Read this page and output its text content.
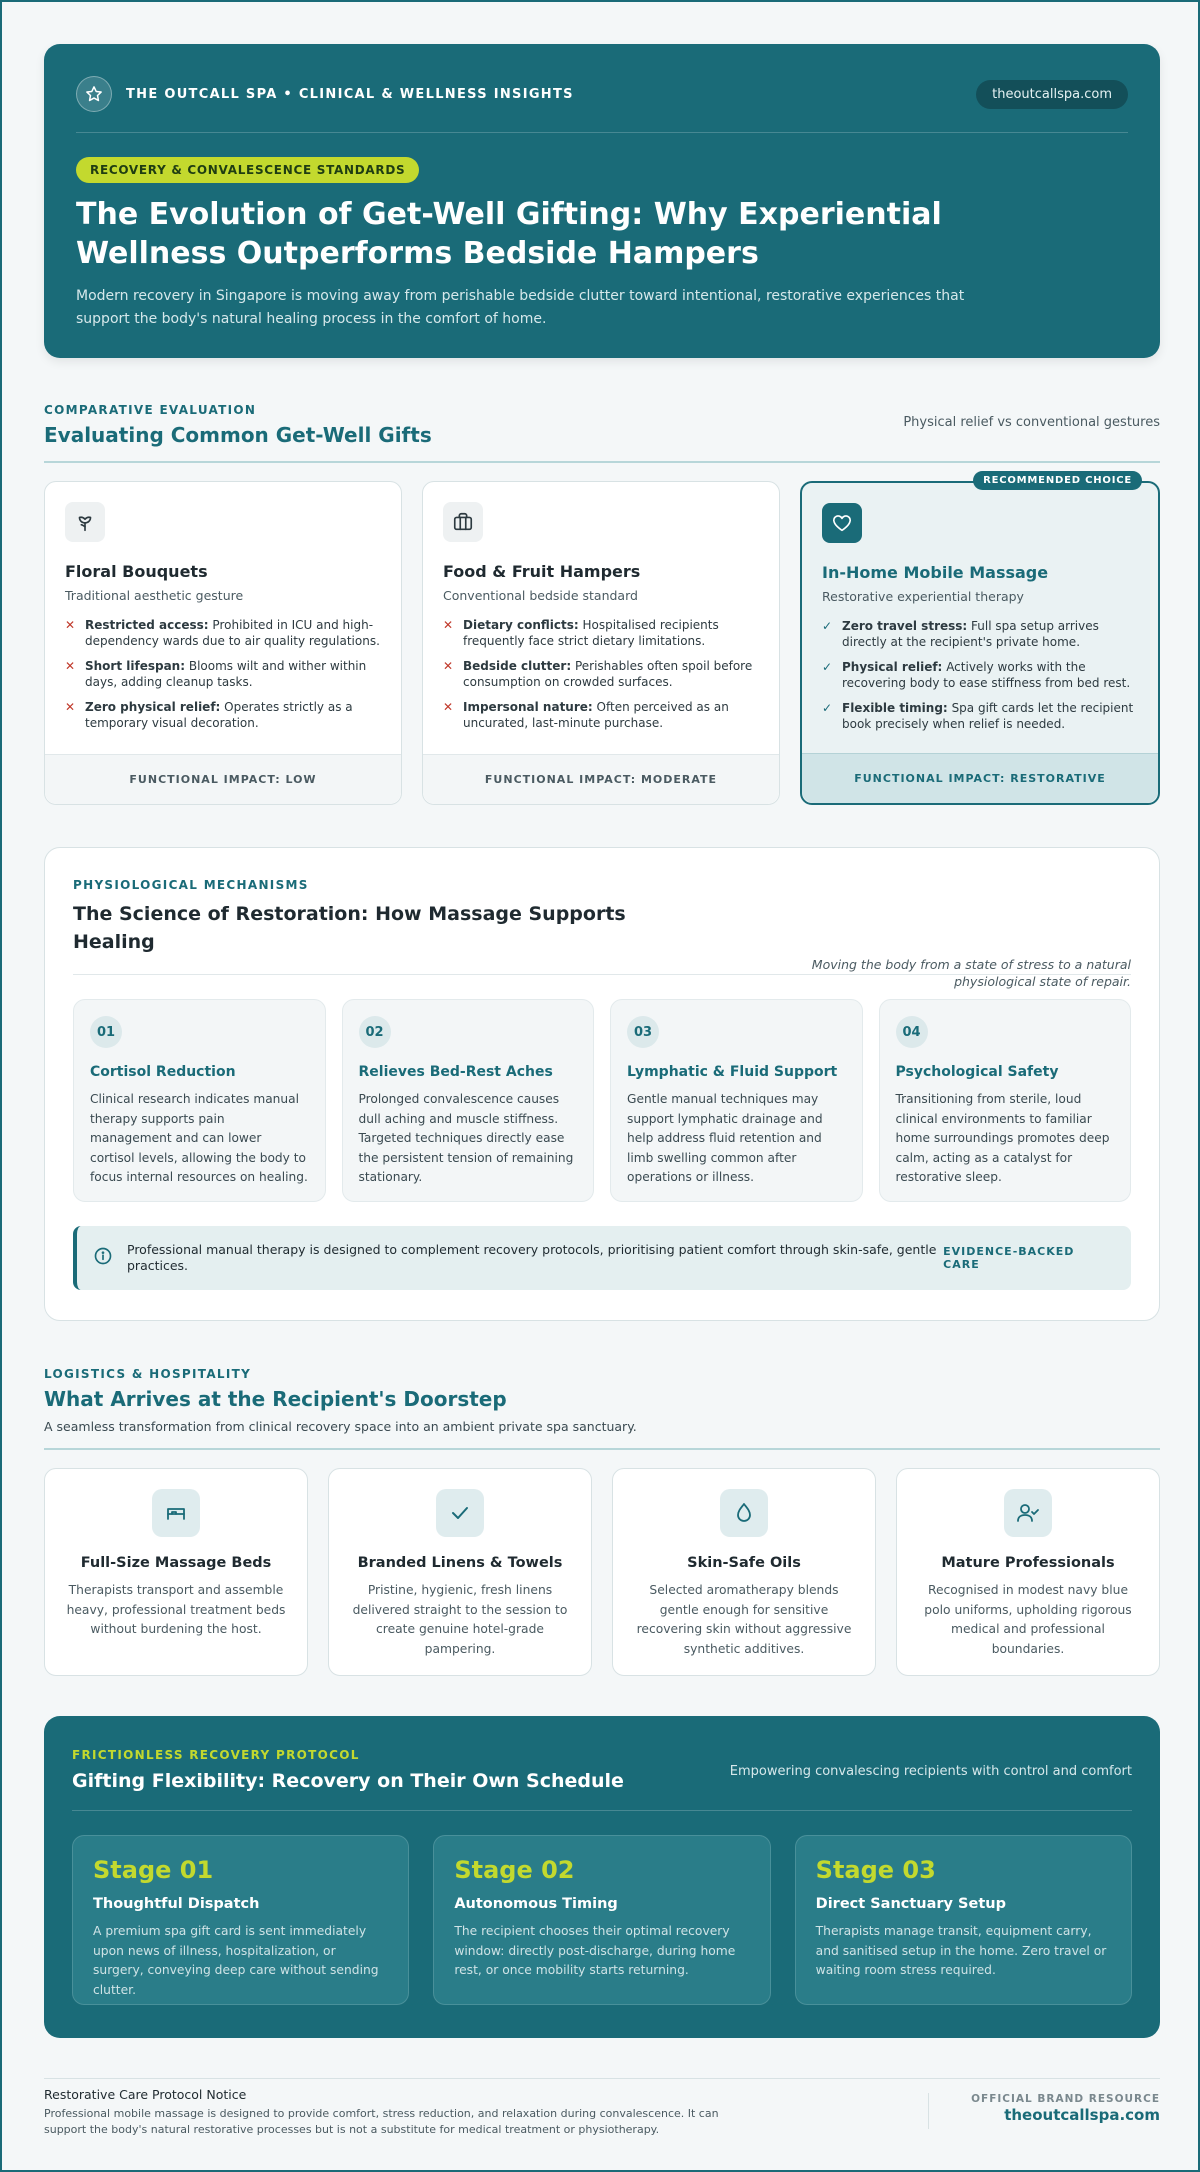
THE OUTCALL SPA • CLINICAL & WELLNESS INSIGHTS	theoutcallspa.com
RECOVERY & CONVALESCENCE STANDARDS
The Evolution of Get-Well Gifting: Why Experiential Wellness Outperforms Bedside Hampers

Modern recovery in Singapore is moving away from perishable bedside clutter toward intentional, restorative experiences that support the body's natural healing process in the comfort of home.

COMPARATIVE EVALUATION
Evaluating Common Get-Well Gifts
Physical relief vs conventional gestures
Floral Bouquets
Traditional aesthetic gesture
✕ Restricted access: Prohibited in ICU and high-dependency wards due to air quality regulations.
✕ Short lifespan: Blooms wilt and wither within days, adding cleanup tasks.
✕ Zero physical relief: Operates strictly as a temporary visual decoration.
FUNCTIONAL IMPACT: LOW
Food & Fruit Hampers
Conventional bedside standard
✕ Dietary conflicts: Hospitalised recipients frequently face strict dietary limitations.
✕ Bedside clutter: Perishables often spoil before consumption on crowded surfaces.
✕ Impersonal nature: Often perceived as an uncurated, last-minute purchase.
FUNCTIONAL IMPACT: MODERATE
RECOMMENDED CHOICE
In-Home Mobile Massage
Restorative experiential therapy
✓ Zero travel stress: Full spa setup arrives directly at the recipient's private home.
✓ Physical relief: Actively works with the recovering body to ease stiffness from bed rest.
✓ Flexible timing: Spa gift cards let the recipient book precisely when relief is needed.
FUNCTIONAL IMPACT: RESTORATIVE
PHYSIOLOGICAL MECHANISMS
The Science of Restoration: How Massage Supports Healing
Moving the body from a state of stress to a natural physiological state of repair.
01
Cortisol Reduction

Clinical research indicates manual therapy supports pain management and can lower cortisol levels, allowing the body to focus internal resources on healing.

02
Relieves Bed-Rest Aches

Prolonged convalescence causes dull aching and muscle stiffness. Targeted techniques directly ease the persistent tension of remaining stationary.

03
Lymphatic & Fluid Support

Gentle manual techniques may support lymphatic drainage and help address fluid retention and limb swelling common after operations or illness.

04
Psychological Safety

Transitioning from sterile, loud clinical environments to familiar home surroundings promotes deep calm, acting as a catalyst for restorative sleep.

Professional manual therapy is designed to complement recovery protocols, prioritising patient comfort through skin-safe, gentle practices.
EVIDENCE-BACKED CARE
LOGISTICS & HOSPITALITY
What Arrives at the Recipient's Doorstep

A seamless transformation from clinical recovery space into an ambient private spa sanctuary.

Full-Size Massage Beds

Therapists transport and assemble heavy, professional treatment beds without burdening the host.

Branded Linens & Towels

Pristine, hygienic, fresh linens delivered straight to the session to create genuine hotel-grade pampering.

Skin-Safe Oils

Selected aromatherapy blends gentle enough for sensitive recovering skin without aggressive synthetic additives.

Mature Professionals

Recognised in modest navy blue polo uniforms, upholding rigorous medical and professional boundaries.

FRICTIONLESS RECOVERY PROTOCOL
Gifting Flexibility: Recovery on Their Own Schedule	Empowering convalescing recipients with control and comfort
Stage 01
Thoughtful Dispatch

A premium spa gift card is sent immediately upon news of illness, hospitalization, or surgery, conveying deep care without sending clutter.

Stage 02
Autonomous Timing

The recipient chooses their optimal recovery window: directly post-discharge, during home rest, or once mobility starts returning.

Stage 03
Direct Sanctuary Setup

Therapists manage transit, equipment carry, and sanitised setup in the home. Zero travel or waiting room stress required.

Restorative Care Protocol Notice

Professional mobile massage is designed to provide comfort, stress reduction, and relaxation during convalescence. It can support the body's natural restorative processes but is not a substitute for medical treatment or physiotherapy.

OFFICIAL BRAND RESOURCE
theoutcallspa.com
